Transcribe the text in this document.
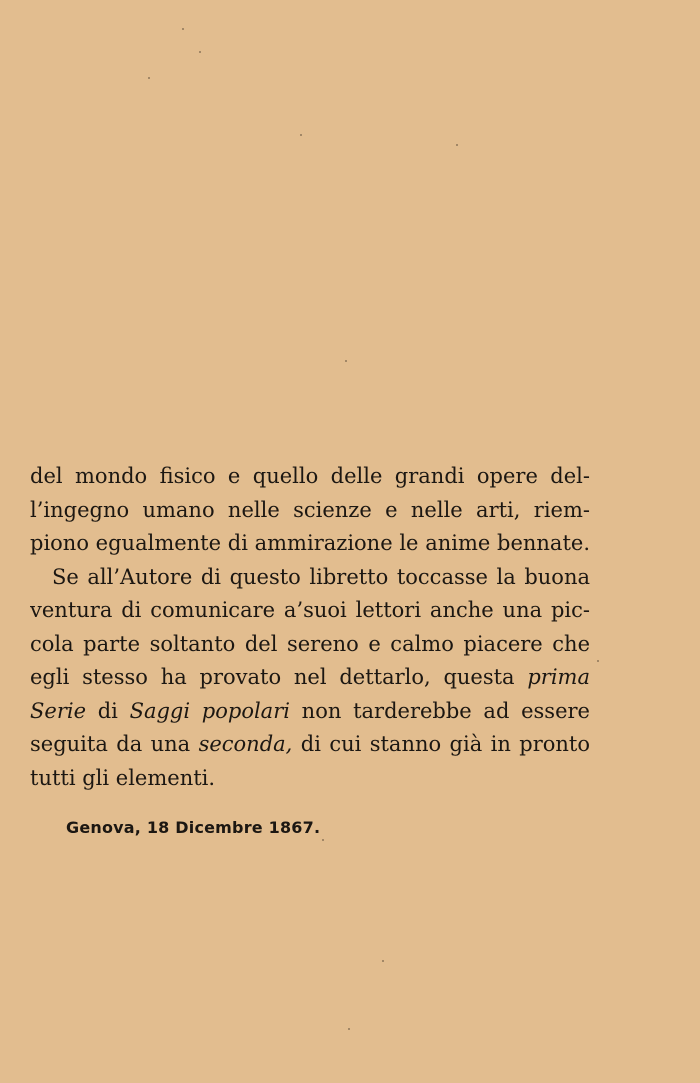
del mondo fisico e quello delle grandi opere del-
l’ingegno umano nelle scienze e nelle arti, riem-
piono egualmente di ammirazione le anime bennate.
Se all’Autore di questo libretto toccasse la buona
ventura di comunicare a’suoi lettori anche una pic-
cola parte soltanto del sereno e calmo piacere che
egli stesso ha provato nel dettarlo, questa prima
Serie di Saggi popolari non tarderebbe ad essere
seguita da una seconda, di cui stanno già in pronto
tutti gli elementi.
Genova, 18 Dicembre 1867.
